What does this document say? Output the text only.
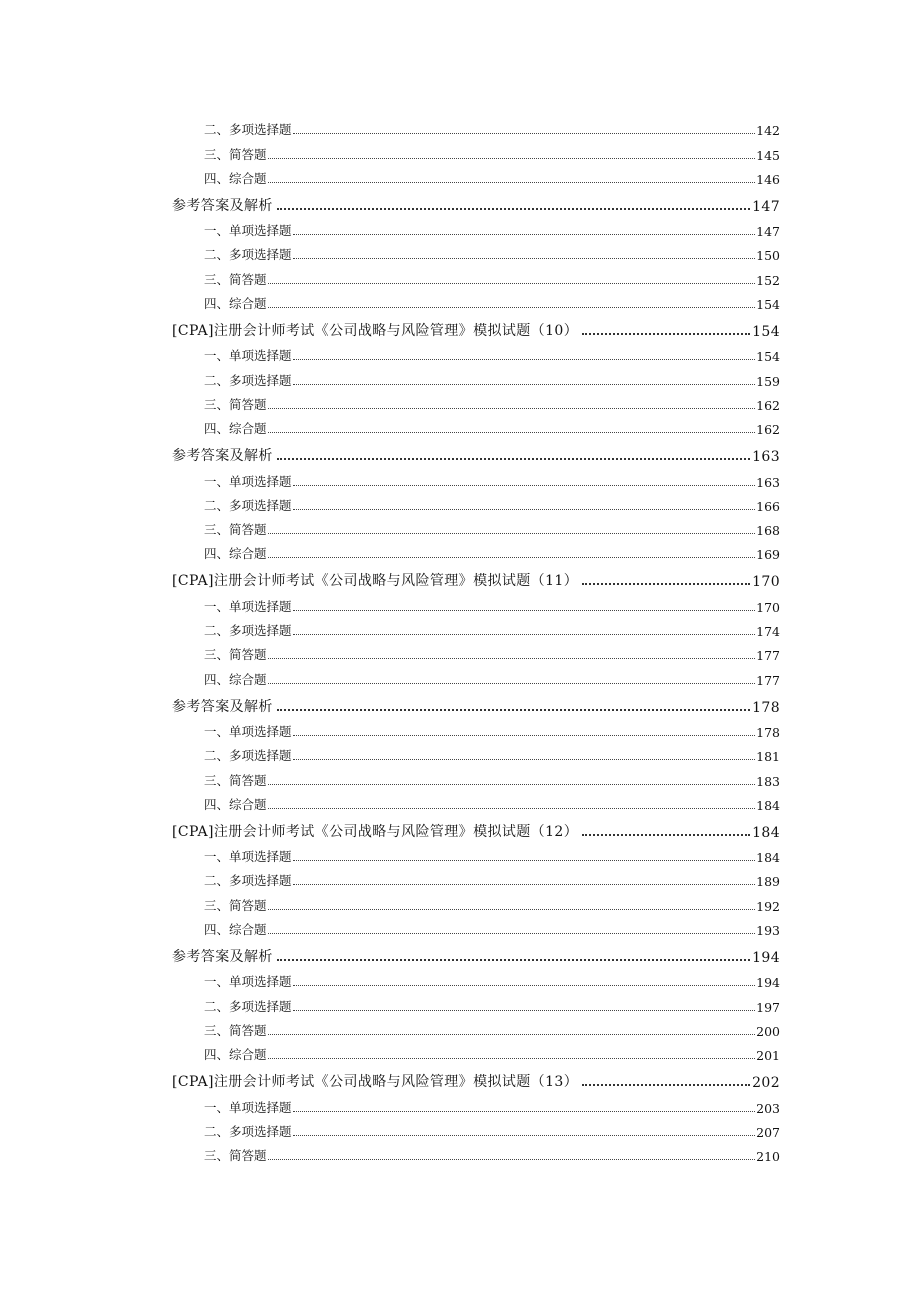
二、多项选择题	142
三、简答题	145
四、综合题	146
参考答案及解析	147
一、单项选择题	147
二、多项选择题	150
三、简答题	152
四、综合题	154
[CPA]注册会计师考试《公司战略与风险管理》模拟试题（10）	154
一、单项选择题	154
二、多项选择题	159
三、简答题	162
四、综合题	162
参考答案及解析	163
一、单项选择题	163
二、多项选择题	166
三、简答题	168
四、综合题	169
[CPA]注册会计师考试《公司战略与风险管理》模拟试题（11）	170
一、单项选择题	170
二、多项选择题	174
三、简答题	177
四、综合题	177
参考答案及解析	178
一、单项选择题	178
二、多项选择题	181
三、简答题	183
四、综合题	184
[CPA]注册会计师考试《公司战略与风险管理》模拟试题（12）	184
一、单项选择题	184
二、多项选择题	189
三、简答题	192
四、综合题	193
参考答案及解析	194
一、单项选择题	194
二、多项选择题	197
三、简答题	200
四、综合题	201
[CPA]注册会计师考试《公司战略与风险管理》模拟试题（13）	202
一、单项选择题	203
二、多项选择题	207
三、简答题	210
